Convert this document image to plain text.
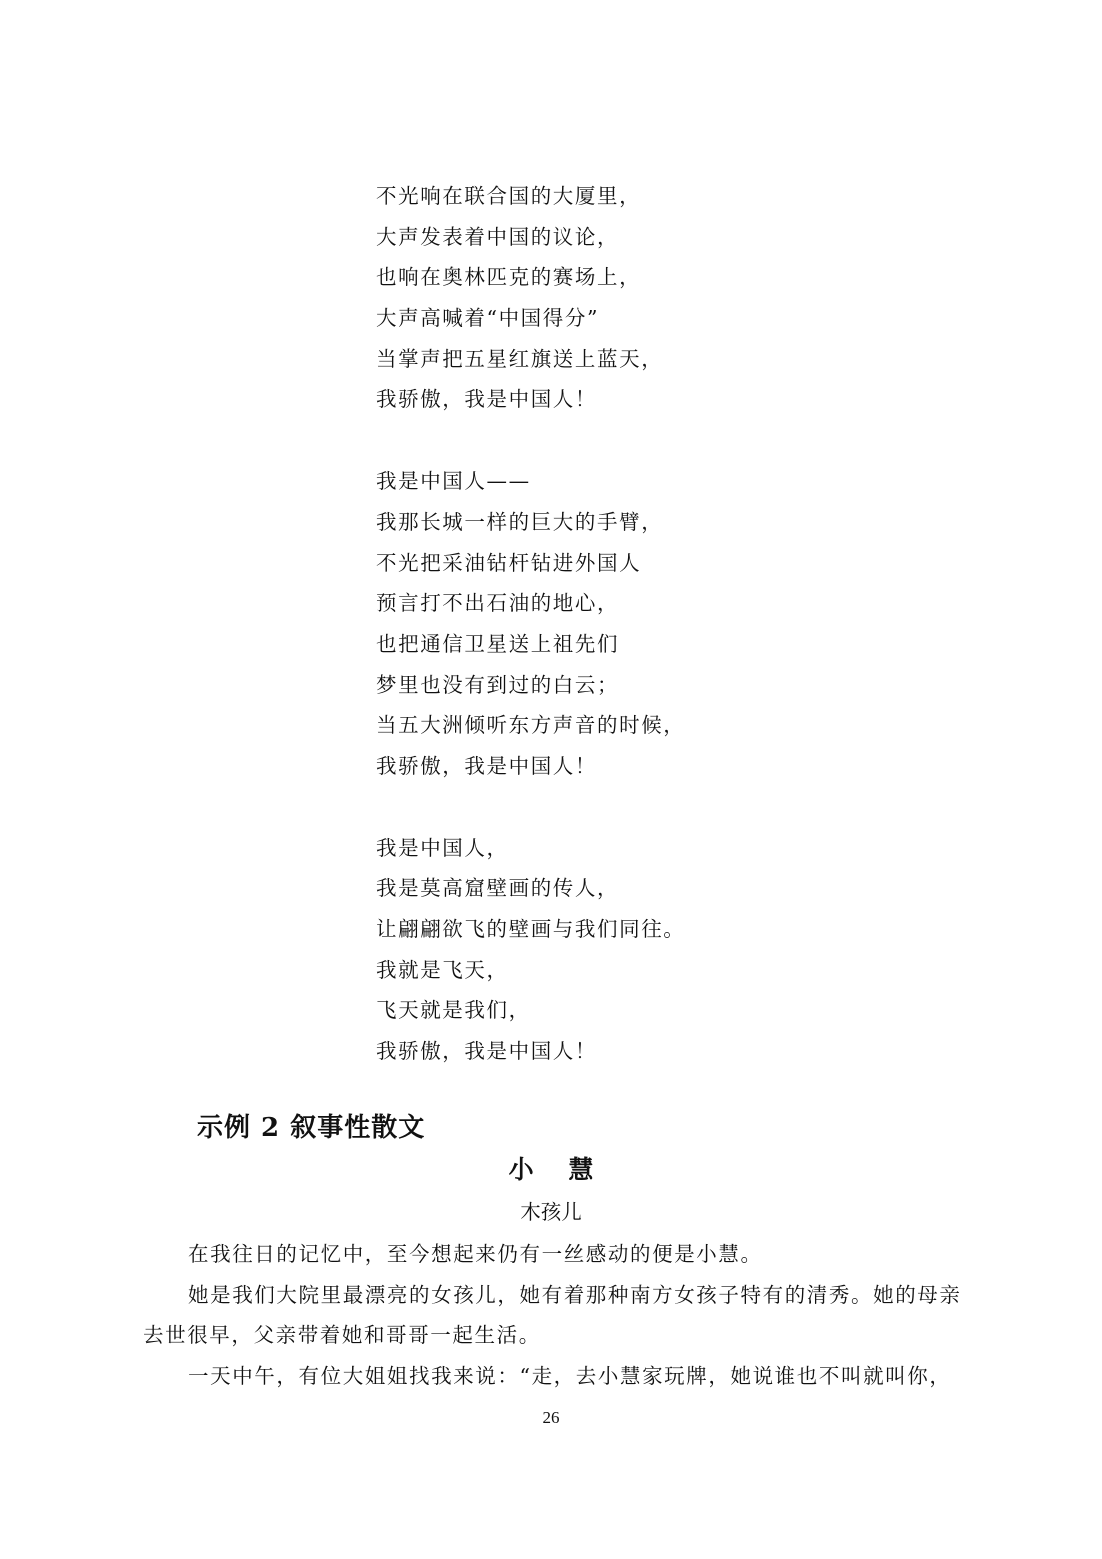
不光响在联合国的大厦里，
大声发表着中国的议论，
也响在奥林匹克的赛场上，
大声高喊着“中国得分”
当掌声把五星红旗送上蓝天，
我骄傲，我是中国人！
我是中国人——
我那长城一样的巨大的手臂，
不光把采油钻杆钻进外国人
预言打不出石油的地心，
也把通信卫星送上祖先们
梦里也没有到过的白云；
当五大洲倾听东方声音的时候，
我骄傲，我是中国人！
我是中国人，
我是莫高窟壁画的传人，
让翩翩欲飞的壁画与我们同往。
我就是飞天，
飞天就是我们，
我骄傲，我是中国人！
示例 2 叙事性散文
小    慧
木孩儿

在我往日的记忆中，至今想起来仍有一丝感动的便是小慧。

她是我们大院里最漂亮的女孩儿，她有着那种南方女孩子特有的清秀。她的母亲去世很早，父亲带着她和哥哥一起生活。

一天中午，有位大姐姐找我来说：“走，去小慧家玩牌，她说谁也不叫就叫你，

26
